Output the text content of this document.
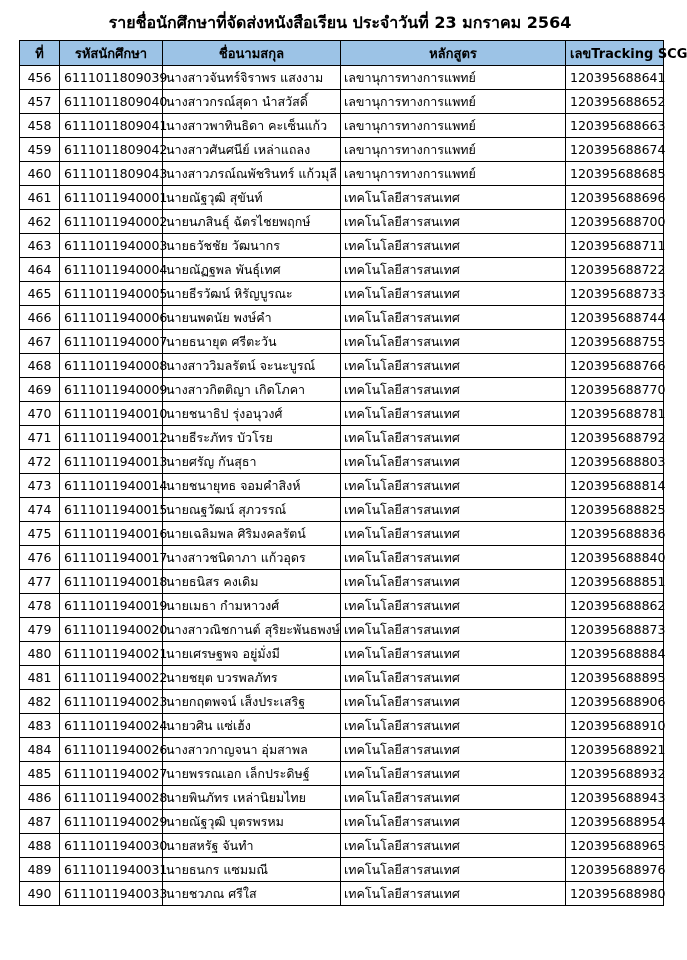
รายชื่อนักศึกษาที่จัดส่งหนังสือเรียน ประจำวันที่ 23 มกราคม 2564
ที่	รหัสนักศึกษา	ชื่อนามสกุล	หลักสูตร	เลขTracking SCG
456	6111011809039	นางสาวจันทร์จิราพร แสงงาม	เลขานุการทางการแพทย์	120395688641
457	6111011809040	นางสาวกรณ์สุดา นำสวัสดิ์	เลขานุการทางการแพทย์	120395688652
458	6111011809041	นางสาวพาทินธิดา คะเซ็นแก้ว	เลขานุการทางการแพทย์	120395688663
459	6111011809042	นางสาวศันศนีย์ เหล่าแถลง	เลขานุการทางการแพทย์	120395688674
460	6111011809043	นางสาวภรณ์ณพัชรินทร์ แก้วมุลี	เลขานุการทางการแพทย์	120395688685
461	6111011940001	นายณัฐวุฒิ สุขันท์	เทคโนโลยีสารสนเทศ	120395688696
462	6111011940002	นายนภสินธุ์ ฉัตรไชยพฤกษ์	เทคโนโลยีสารสนเทศ	120395688700
463	6111011940003	นายธวัชชัย วัฒนากร	เทคโนโลยีสารสนเทศ	120395688711
464	6111011940004	นายณัฏฐพล พันธุ์เทศ	เทคโนโลยีสารสนเทศ	120395688722
465	6111011940005	นายธีรวัฒน์ หิรัญบูรณะ	เทคโนโลยีสารสนเทศ	120395688733
466	6111011940006	นายนพดนัย พงษ์คำ	เทคโนโลยีสารสนเทศ	120395688744
467	6111011940007	นายธนายุต ศรีตะวัน	เทคโนโลยีสารสนเทศ	120395688755
468	6111011940008	นางสาววิมลรัตน์ จะนะบูรณ์	เทคโนโลยีสารสนเทศ	120395688766
469	6111011940009	นางสาวกิตติญา เกิดโภคา	เทคโนโลยีสารสนเทศ	120395688770
470	6111011940010	นายชนาธิป รุ่งอนุวงศ์	เทคโนโลยีสารสนเทศ	120395688781
471	6111011940012	นายธีระภัทร บัวโรย	เทคโนโลยีสารสนเทศ	120395688792
472	6111011940013	นายศรัญ กันสุธา	เทคโนโลยีสารสนเทศ	120395688803
473	6111011940014	นายชนายุทธ จอมคำสิงห์	เทคโนโลยีสารสนเทศ	120395688814
474	6111011940015	นายณฐวัฒน์ สุภวรรณ์	เทคโนโลยีสารสนเทศ	120395688825
475	6111011940016	นายเฉลิมพล ศิริมงคลรัตน์	เทคโนโลยีสารสนเทศ	120395688836
476	6111011940017	นางสาวชนิดาภา แก้วอุดร	เทคโนโลยีสารสนเทศ	120395688840
477	6111011940018	นายธนิสร คงเดิม	เทคโนโลยีสารสนเทศ	120395688851
478	6111011940019	นายเมธา กำมหาวงศ์	เทคโนโลยีสารสนเทศ	120395688862
479	6111011940020	นางสาวณิชกานต์ สุริยะพันธพงษ์	เทคโนโลยีสารสนเทศ	120395688873
480	6111011940021	นายเศรษฐพจ อยู่มั่งมี	เทคโนโลยีสารสนเทศ	120395688884
481	6111011940022	นายชยุต บวรพลภัทร	เทคโนโลยีสารสนเทศ	120395688895
482	6111011940023	นายกฤตพจน์ เส็งประเสริฐ	เทคโนโลยีสารสนเทศ	120395688906
483	6111011940024	นายวศิน แซ่เฮ้ง	เทคโนโลยีสารสนเทศ	120395688910
484	6111011940026	นางสาวกาญจนา อุ่มสาพล	เทคโนโลยีสารสนเทศ	120395688921
485	6111011940027	นายพรรณเอก เล็กประดิษฐ์	เทคโนโลยีสารสนเทศ	120395688932
486	6111011940028	นายพินภัทร เหล่านิยมไทย	เทคโนโลยีสารสนเทศ	120395688943
487	6111011940029	นายณัฐวุฒิ บุตรพรหม	เทคโนโลยีสารสนเทศ	120395688954
488	6111011940030	นายสหรัฐ จันทำ	เทคโนโลยีสารสนเทศ	120395688965
489	6111011940031	นายธนกร แซมมณี	เทคโนโลยีสารสนเทศ	120395688976
490	6111011940033	นายชวภณ ศรีใส	เทคโนโลยีสารสนเทศ	120395688980
